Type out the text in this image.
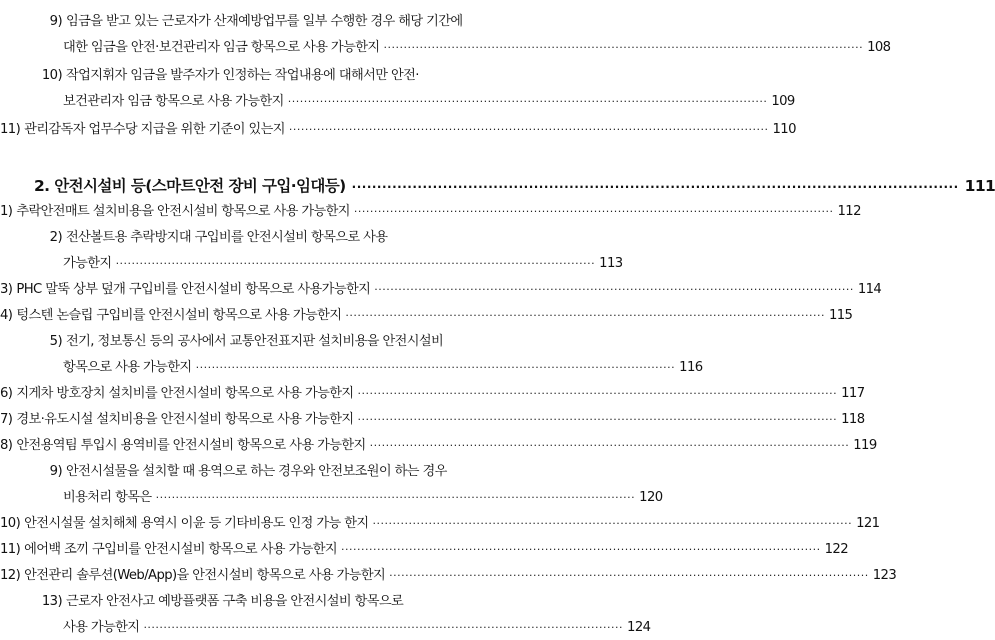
9) 임금을 받고 있는 근로자가 산재예방업무를 일부 수행한 경우 해당 기간에
대한 임금을 안전·보건관리자 임금 항목으로 사용 가능한지 ························································································································ 108
10) 작업지휘자 임금을 발주자가 인정하는 작업내용에 대해서만 안전·
보건관리자 임금 항목으로 사용 가능한지 ························································································································ 109
11) 관리감독자 업무수당 지급을 위한 기준이 있는지 ························································································································ 110
2. 안전시설비 등(스마트안전 장비 구입·임대등) ························································································································ 111
1) 추락안전매트 설치비용을 안전시설비 항목으로 사용 가능한지 ························································································································ 112
2) 전산볼트용 추락방지대 구입비를 안전시설비 항목으로 사용
가능한지 ························································································································ 113
3) PHC 말뚝 상부 덮개 구입비를 안전시설비 항목으로 사용가능한지 ························································································································ 114
4) 텅스텐 논슬립 구입비를 안전시설비 항목으로 사용 가능한지 ························································································································ 115
5) 전기, 정보통신 등의 공사에서 교통안전표지판 설치비용을 안전시설비
항목으로 사용 가능한지 ························································································································ 116
6) 지게차 방호장치 설치비를 안전시설비 항목으로 사용 가능한지 ························································································································ 117
7) 경보·유도시설 설치비용을 안전시설비 항목으로 사용 가능한지 ························································································································ 118
8) 안전용역팀 투입시 용역비를 안전시설비 항목으로 사용 가능한지 ························································································································ 119
9) 안전시설물을 설치할 때 용역으로 하는 경우와 안전보조원이 하는 경우
비용처리 항목은 ························································································································ 120
10) 안전시설물 설치해체 용역시 이윤 등 기타비용도 인정 가능 한지 ························································································································ 121
11) 에어백 조끼 구입비를 안전시설비 항목으로 사용 가능한지 ························································································································ 122
12) 안전관리 솔루션(Web/App)을 안전시설비 항목으로 사용 가능한지 ························································································································ 123
13) 근로자 안전사고 예방플랫폼 구축 비용을 안전시설비 항목으로
사용 가능한지 ························································································································ 124
